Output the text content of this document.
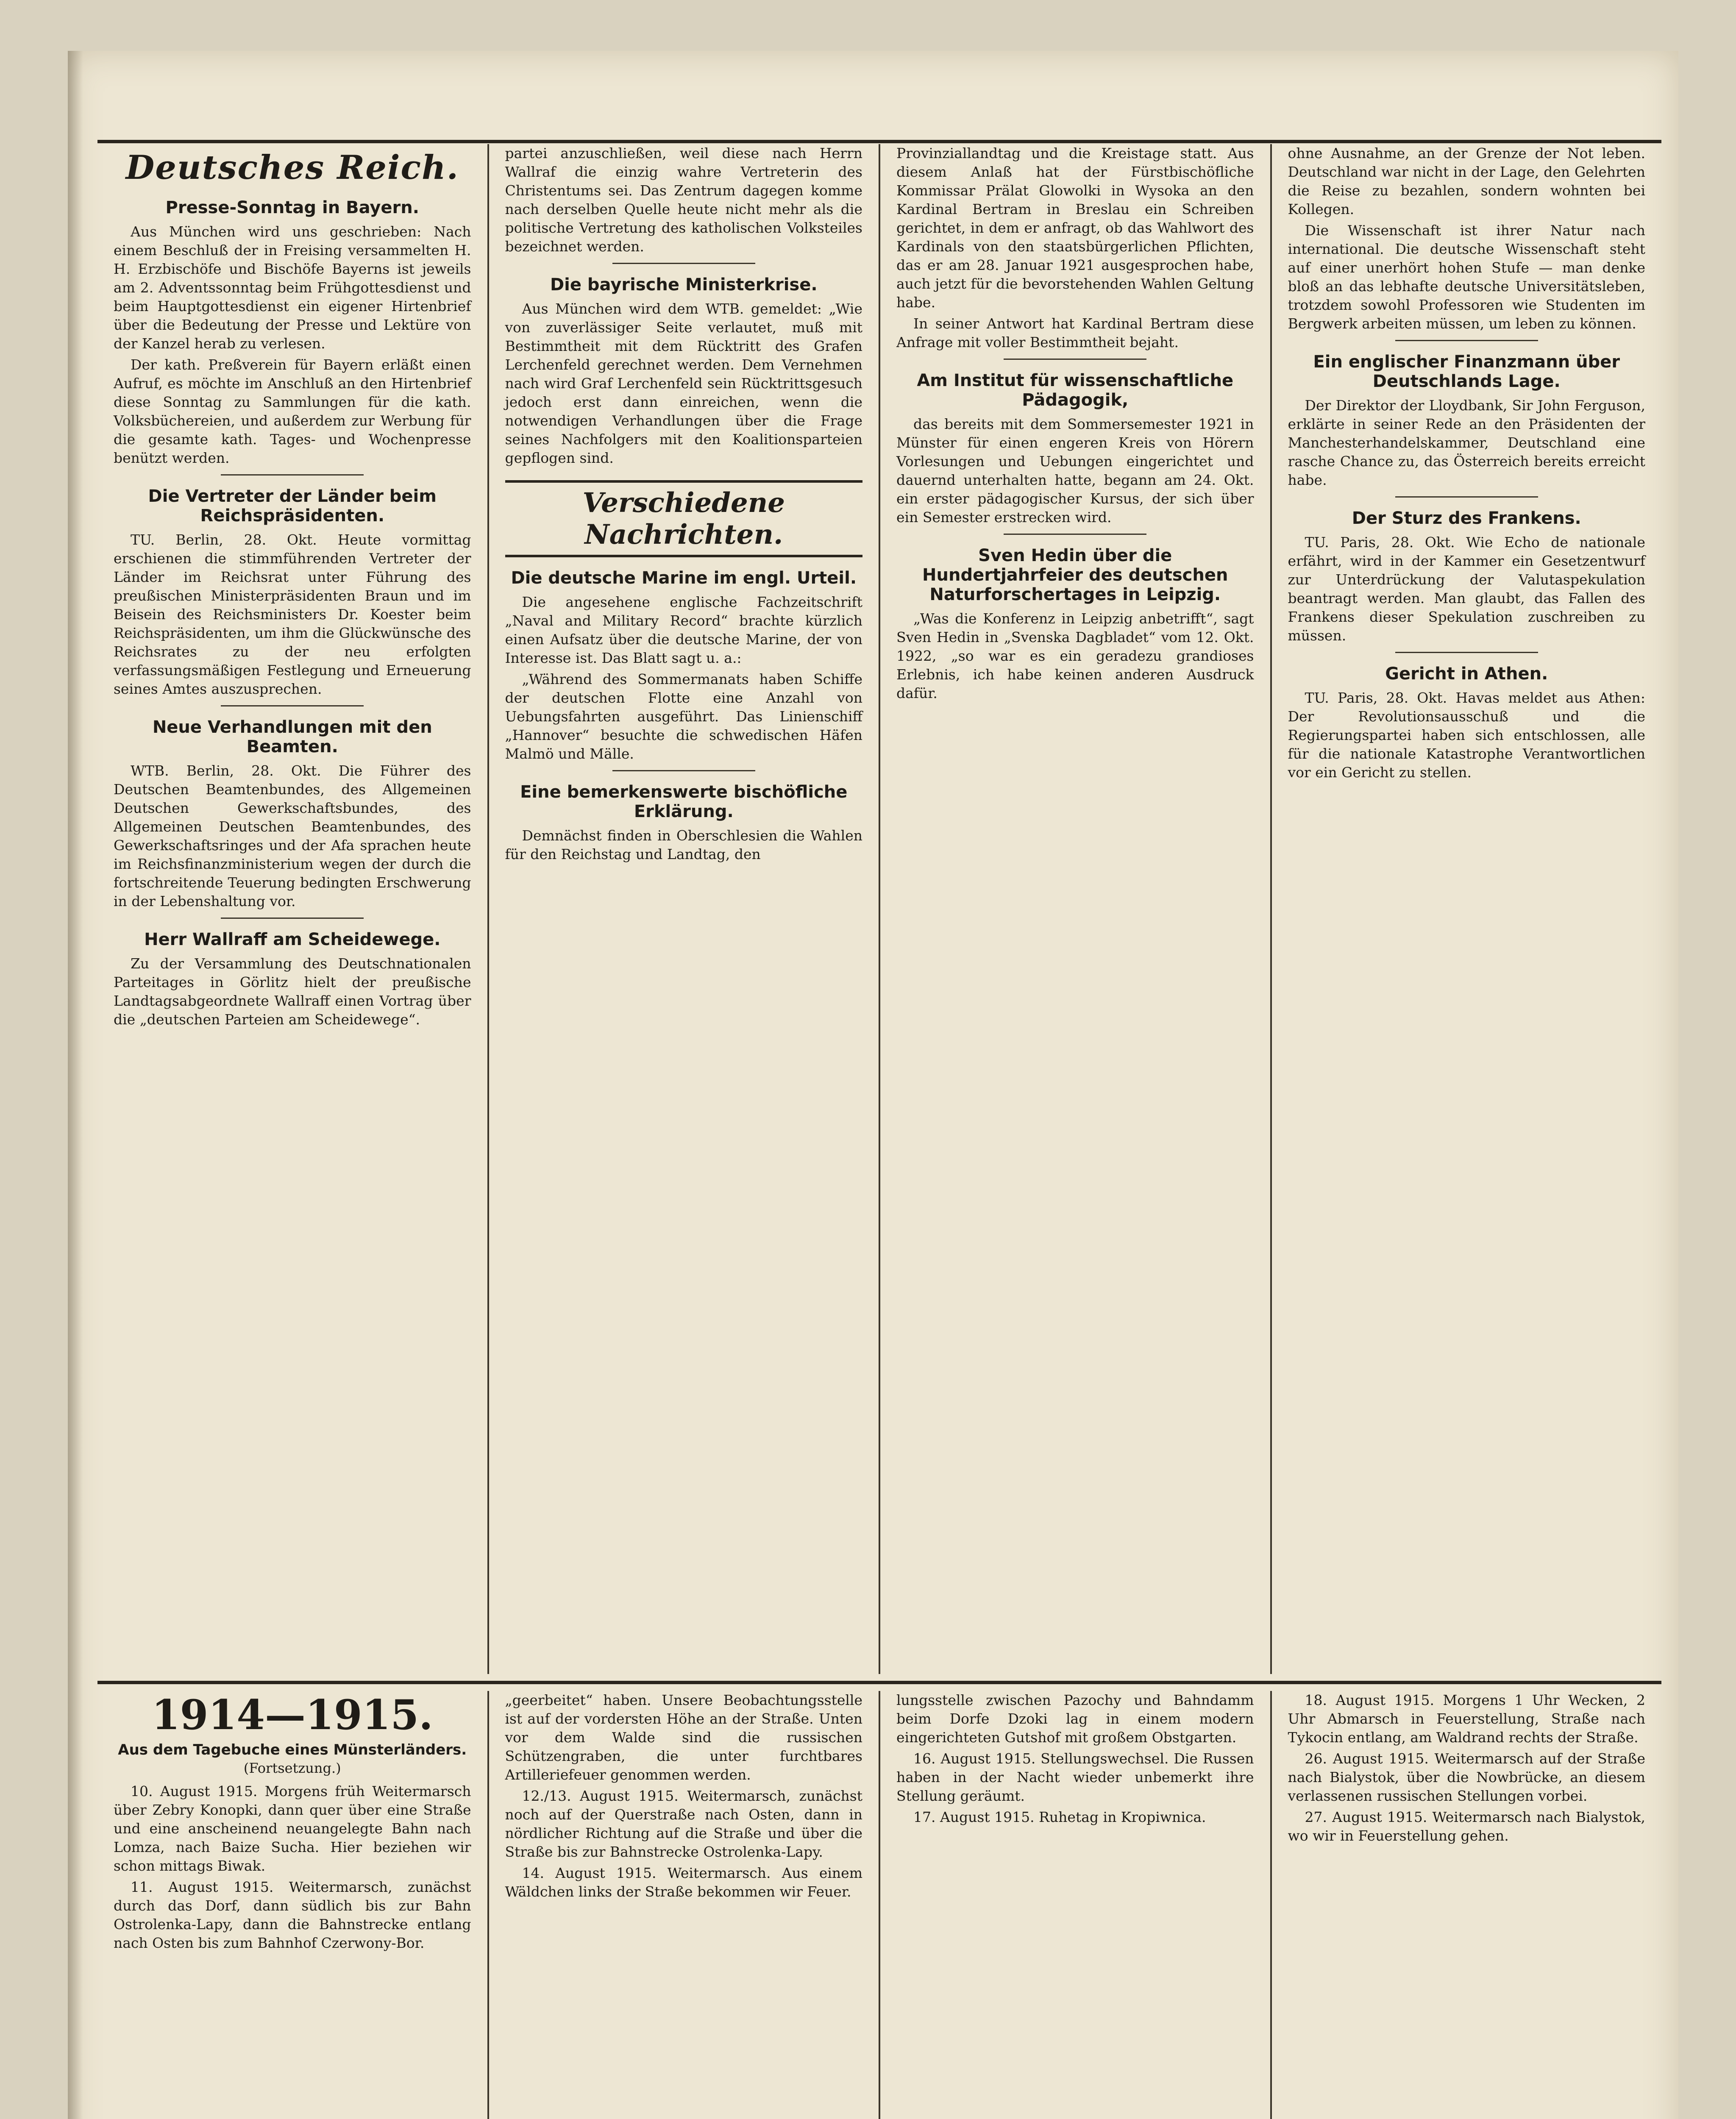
Deutsches Reich.
Presse-Sonntag in Bayern.

Aus München wird uns geschrieben: Nach einem Beschluß der in Freising versammelten H. H. Erzbischöfe und Bischöfe Bayerns ist jeweils am 2. Adventssonntag beim Frühgottesdienst und beim Hauptgottesdienst ein eigener Hirtenbrief über die Bedeutung der Presse und Lektüre von der Kanzel herab zu verlesen.

Der kath. Preßverein für Bayern erläßt einen Aufruf, es möchte im Anschluß an den Hirtenbrief diese Sonntag zu Sammlungen für die kath. Volksbüchereien, und außerdem zur Werbung für die gesamte kath. Tages- und Wochenpresse benützt werden.

Die Vertreter der Länder beim Reichspräsidenten.

TU. Berlin, 28. Okt. Heute vormittag erschienen die stimmführenden Vertreter der Länder im Reichsrat unter Führung des preußischen Ministerpräsidenten Braun und im Beisein des Reichsministers Dr. Koester beim Reichspräsidenten, um ihm die Glückwünsche des Reichsrates zu der neu erfolgten verfassungsmäßigen Festlegung und Erneuerung seines Amtes auszusprechen.

Neue Verhandlungen mit den Beamten.

WTB. Berlin, 28. Okt. Die Führer des Deutschen Beamtenbundes, des Allgemeinen Deutschen Gewerkschaftsbundes, des Allgemeinen Deutschen Beamtenbundes, des Gewerkschaftsringes und der Afa sprachen heute im Reichsfinanzministerium wegen der durch die fortschreitende Teuerung bedingten Erschwerung in der Lebenshaltung vor.

Herr Wallraff am Scheidewege.

Zu der Versammlung des Deutschnationalen Parteitages in Görlitz hielt der preußische Landtagsabgeordnete Wallraff einen Vortrag über die „deutschen Parteien am Scheidewege“.

partei anzuschließen, weil diese nach Herrn Wallraf die einzig wahre Vertreterin des Christentums sei. Das Zentrum dagegen komme nach derselben Quelle heute nicht mehr als die politische Vertretung des katholischen Volksteiles bezeichnet werden.

Die bayrische Ministerkrise.

Aus München wird dem WTB. gemeldet: „Wie von zuverlässiger Seite verlautet, muß mit Bestimmtheit mit dem Rücktritt des Grafen Lerchenfeld gerechnet werden. Dem Vernehmen nach wird Graf Lerchenfeld sein Rücktrittsgesuch jedoch erst dann einreichen, wenn die notwendigen Verhandlungen über die Frage seines Nachfolgers mit den Koalitionsparteien gepflogen sind.

Verschiedene Nachrichten.
Die deutsche Marine im engl. Urteil.

Die angesehene englische Fachzeitschrift „Naval and Military Record“ brachte kürzlich einen Aufsatz über die deutsche Marine, der von Interesse ist. Das Blatt sagt u. a.:

„Während des Sommermanats haben Schiffe der deutschen Flotte eine Anzahl von Uebungsfahrten ausgeführt. Das Linienschiff „Hannover“ besuchte die schwedischen Häfen Malmö und Mälle.

Eine bemerkenswerte bischöfliche Erklärung.

Demnächst finden in Oberschlesien die Wahlen für den Reichstag und Landtag, den

Provinziallandtag und die Kreistage statt. Aus diesem Anlaß hat der Fürstbischöfliche Kommissar Prälat Glowolki in Wysoka an den Kardinal Bertram in Breslau ein Schreiben gerichtet, in dem er anfragt, ob das Wahlwort des Kardinals von den staatsbürgerlichen Pflichten, das er am 28. Januar 1921 ausgesprochen habe, auch jetzt für die bevorstehenden Wahlen Geltung habe.

In seiner Antwort hat Kardinal Bertram diese Anfrage mit voller Bestimmtheit bejaht.

Am Institut für wissenschaftliche Pädagogik,

das bereits mit dem Sommersemester 1921 in Münster für einen engeren Kreis von Hörern Vorlesungen und Uebungen eingerichtet und dauernd unterhalten hatte, begann am 24. Okt. ein erster pädagogischer Kursus, der sich über ein Semester erstrecken wird.

Sven Hedin über die Hundertjahrfeier des deutschen Naturforschertages in Leipzig.

„Was die Konferenz in Leipzig anbetrifft“, sagt Sven Hedin in „Svenska Dagbladet“ vom 12. Okt. 1922, „so war es ein geradezu grandioses Erlebnis, ich habe keinen anderen Ausdruck dafür.

ohne Ausnahme, an der Grenze der Not leben. Deutschland war nicht in der Lage, den Gelehrten die Reise zu bezahlen, sondern wohnten bei Kollegen.

Die Wissenschaft ist ihrer Natur nach international. Die deutsche Wissenschaft steht auf einer unerhört hohen Stufe — man denke bloß an das lebhafte deutsche Universitätsleben, trotzdem sowohl Professoren wie Studenten im Bergwerk arbeiten müssen, um leben zu können.

Ein englischer Finanzmann über Deutschlands Lage.

Der Direktor der Lloydbank, Sir John Ferguson, erklärte in seiner Rede an den Präsidenten der Manchesterhandelskammer, Deutschland eine rasche Chance zu, das Österreich bereits erreicht habe.

Der Sturz des Frankens.

TU. Paris, 28. Okt. Wie Echo de nationale erfährt, wird in der Kammer ein Gesetzentwurf zur Unterdrückung der Valutaspekulation beantragt werden. Man glaubt, das Fallen des Frankens dieser Spekulation zuschreiben zu müssen.

Gericht in Athen.

TU. Paris, 28. Okt. Havas meldet aus Athen: Der Revolutionsausschuß und die Regierungspartei haben sich entschlossen, alle für die nationale Katastrophe Verantwortlichen vor ein Gericht zu stellen.

1914—1915.
Aus dem Tagebuche eines Münsterländers.
(Fortsetzung.)

10. August 1915. Morgens früh Weitermarsch über Zebry Konopki, dann quer über eine Straße und eine anscheinend neuangelegte Bahn nach Lomza, nach Baize Sucha. Hier beziehen wir schon mittags Biwak.

11. August 1915. Weitermarsch, zunächst durch das Dorf, dann südlich bis zur Bahn Ostrolenka-Lapy, dann die Bahnstrecke entlang nach Osten bis zum Bahnhof Czerwony-Bor.

„geerbeitet“ haben. Unsere Beobachtungsstelle ist auf der vordersten Höhe an der Straße. Unten vor dem Walde sind die russischen Schützengraben, die unter furchtbares Artilleriefeuer genommen werden.

12./13. August 1915. Weitermarsch, zunächst noch auf der Querstraße nach Osten, dann in nördlicher Richtung auf die Straße und über die Straße bis zur Bahnstrecke Ostrolenka-Lapy.

14. August 1915. Weitermarsch. Aus einem Wäldchen links der Straße bekommen wir Feuer.

lungsstelle zwischen Pazochy und Bahndamm beim Dorfe Dzoki lag in einem modern eingerichteten Gutshof mit großem Obstgarten.

16. August 1915. Stellungswechsel. Die Russen haben in der Nacht wieder unbemerkt ihre Stellung geräumt.

17. August 1915. Ruhetag in Kropiwnica.

18. August 1915. Morgens 1 Uhr Wecken, 2 Uhr Abmarsch in Feuerstellung, Straße nach Tykocin entlang, am Waldrand rechts der Straße.

26. August 1915. Weitermarsch auf der Straße nach Bialystok, über die Nowbrücke, an diesem verlassenen russischen Stellungen vorbei.

27. August 1915. Weitermarsch nach Bialystok, wo wir in Feuerstellung gehen.
